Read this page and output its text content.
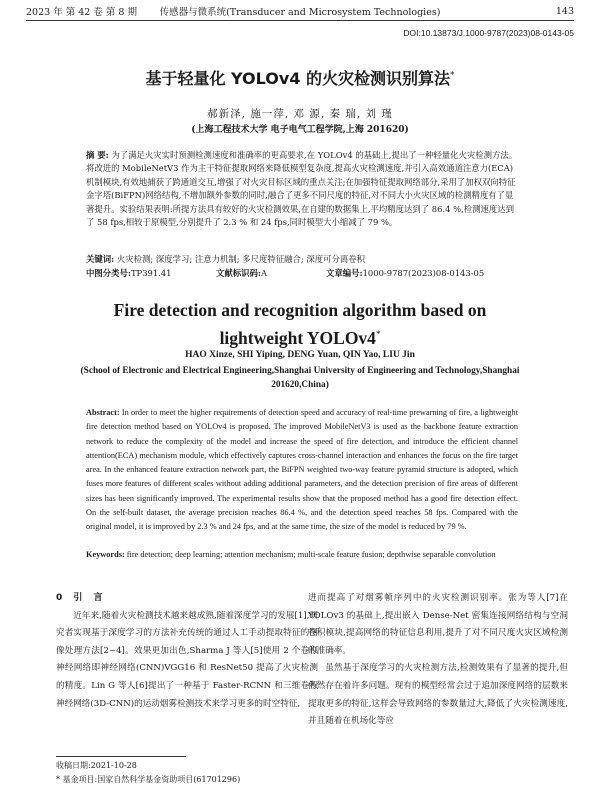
2023 年 第 42 卷 第 8 期	传感器与微系统(Transducer and Microsystem Technologies)	143
DOI:10.13873/J.1000-9787(2023)08-0143-05
基于轻量化 YOLOv4 的火灾检测识别算法*
郝新泽, 施一萍, 邓 源, 秦 瑞, 刘 瑾
(上海工程技术大学 电子电气工程学院,上海 201620)
摘 要: 为了满足火灾实时预测检测速度和准确率的更高要求,在 YOLOv4 的基础上,提出了一种轻量化火灾检测方法。将改进的 MobileNetV3 作为主干特征提取网络来降低模型复杂度,提高火灾检测速度,并引入高效通道注意力(ECA)机制模块,有效地捕获了跨通道交互,增强了对火灾目标区域的重点关注;在加强特征提取网络部分,采用了加权双向特征金字塔(BiFPN)网络结构,不增加额外参数的同时,融合了更多不同尺度的特征,对不同大小火灾区域的检测精度有了显著提升。实验结果表明:所提方法具有较好的火灾检测效果,在自建的数据集上,平均精度达到了 86.4 %,检测速度达到了 58 fps,相较于原模型,分别提升了 2.3 % 和 24 fps,同时模型大小缩减了 79 %。
关键词: 火灾检测; 深度学习; 注意力机制; 多尺度特征融合; 深度可分离卷积
中图分类号:TP391.41	文献标识码:A	文章编号:1000-9787(2023)08-0143-05
Fire detection and recognition algorithm based on
lightweight YOLOv4*
HAO Xinze, SHI Yiping, DENG Yuan, QIN Yao, LIU Jin
(School of Electronic and Electrical Engineering,Shanghai University of Engineering and Technology,Shanghai 201620,China)
Abstract: In order to meet the higher requirements of detection speed and accuracy of real-time prewarning of fire, a lightweight fire detection method based on YOLOv4 is proposed. The improved MobileNetV3 is used as the backbone feature extraction network to reduce the complexity of the model and increase the speed of fire detection, and introduce the efficient channel attention(ECA) mechanism module, which effectively captures cross-channel interaction and enhances the focus on the fire target area. In the enhanced feature extraction network part, the BiFPN weighted two-way feature pyramid structure is adopted, which fuses more features of different scales without adding additional parameters, and the detection precision of fire areas of different sizes has been significantly improved. The experimental results show that the proposed method has a good fire detection effect. On the self-built dataset, the average precision reaches 86.4 %, and the detection speed reaches 58 fps. Compared with the original model, it is improved by 2.3 % and 24 fps, and at the same time, the size of the model is reduced by 79 %.
Keywords: fire detection; deep learning; attention mechanism; multi-scale feature fusion; depthwise separable convolution
0 引 言

近年来,随着火灾检测技术越来越成熟,随着深度学习的发展[1],研究者实现基于深度学习的方法补充传统的通过人工手动提取特征的图像处理方法[2~4]。效果更加出色,Sharma J 等人[5]使用 2 个卷积神经网络即神经网络(CNN)VGG16 和 ResNet50 提高了火灾检测的精度。Lin G 等人[6]提出了一种基于 Faster-RCNN 和三维卷积神经网络(3D-CNN)的运动烟雾检测技术来学习更多的时空特征,

进而提高了对烟雾帧序列中的火灾检测识别率。张为等人[7]在 YOLOv3 的基础上,提出嵌入 Dense-Net 密集连接网络结构与空洞卷积模块,提高网络的特征信息利用,提升了对不同尺度火灾区域检测的准确率。

虽然基于深度学习的火灾检测方法,检测效果有了显著的提升,但仍然存在着许多问题。现有的模型经常会过于追加深度网络的层数来提取更多的特征,这样会导致网络的参数量过大,降低了火灾检测速度,并且随着在机场化等应

收稿日期:2021-10-28
* 基金项目:国家自然科学基金资助项目(61701296)
